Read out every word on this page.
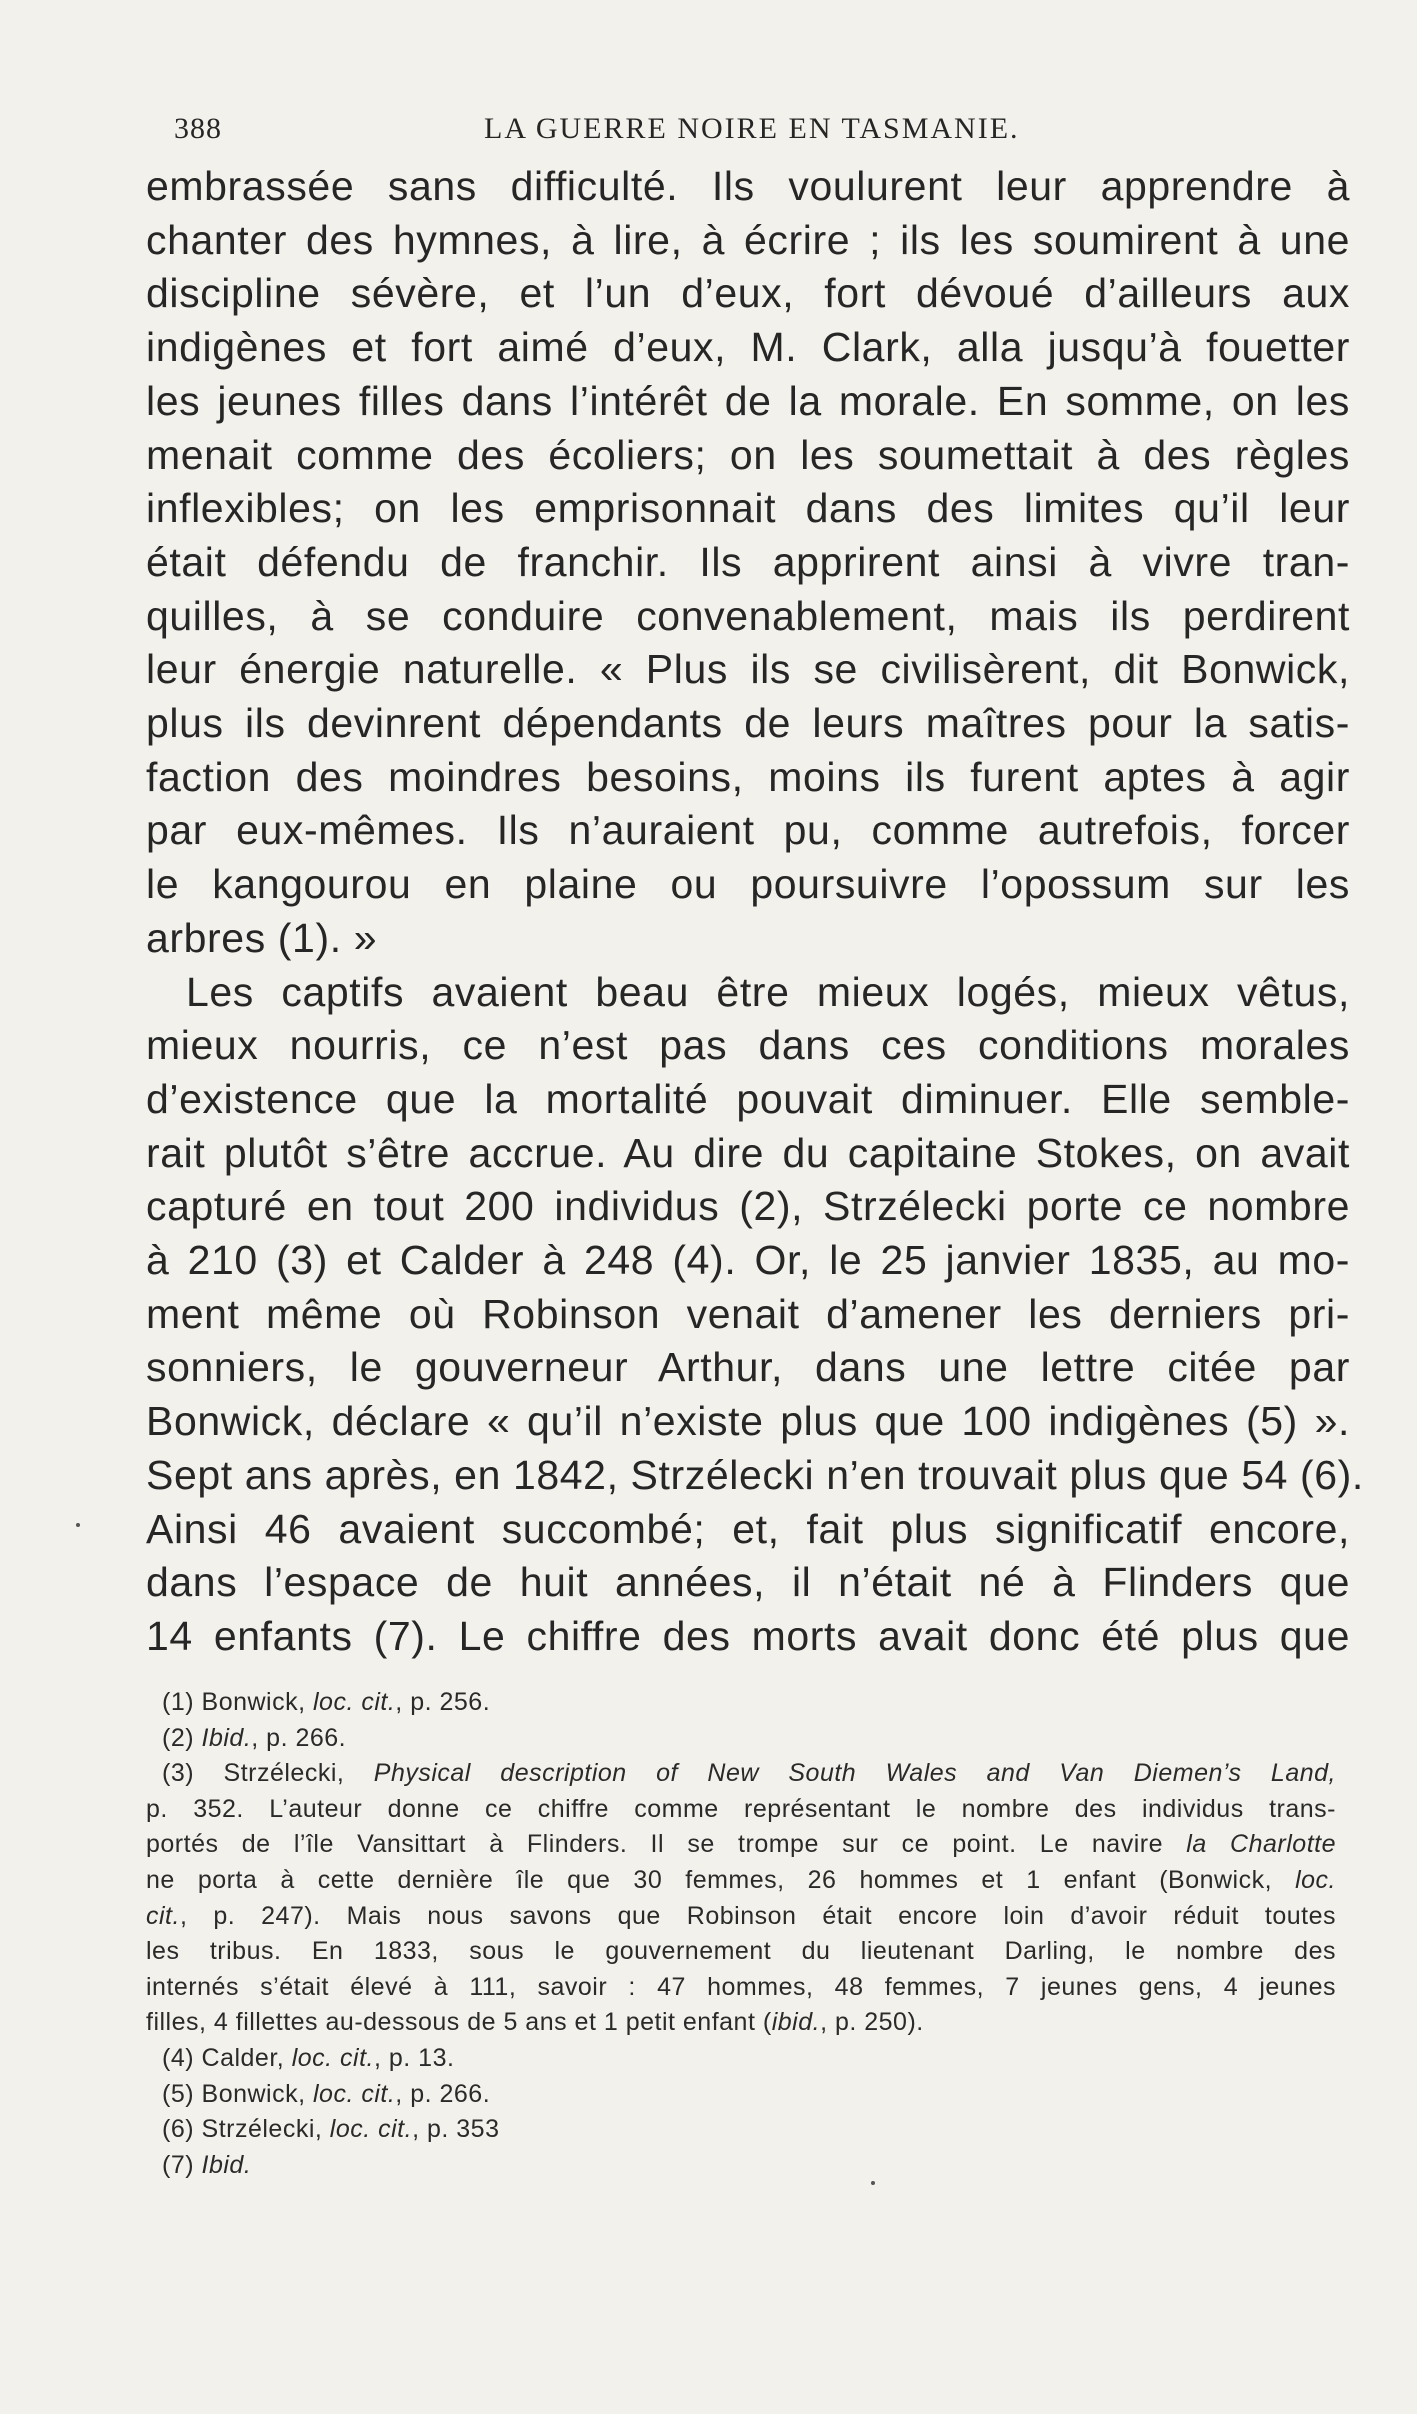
388	LA GUERRE NOIRE EN TASMANIE.
embrassée sans difficulté. Ils voulurent leur apprendre à
chanter des hymnes, à lire, à écrire ; ils les soumirent à une
discipline sévère, et l’un d’eux, fort dévoué d’ailleurs aux
indigènes et fort aimé d’eux, M. Clark, alla jusqu’à fouetter
les jeunes filles dans l’intérêt de la morale. En somme, on les
menait comme des écoliers; on les soumettait à des règles
inflexibles; on les emprisonnait dans des limites qu’il leur
était défendu de franchir. Ils apprirent ainsi à vivre tran-
quilles, à se conduire convenablement, mais ils perdirent
leur énergie naturelle. « Plus ils se civilisèrent, dit Bonwick,
plus ils devinrent dépendants de leurs maîtres pour la satis-
faction des moindres besoins, moins ils furent aptes à agir
par eux-mêmes. Ils n’auraient pu, comme autrefois, forcer
le kangourou en plaine ou poursuivre l’opossum sur les
arbres (1). »
Les captifs avaient beau être mieux logés, mieux vêtus,
mieux nourris, ce n’est pas dans ces conditions morales
d’existence que la mortalité pouvait diminuer. Elle semble-
rait plutôt s’être accrue. Au dire du capitaine Stokes, on avait
capturé en tout 200 individus (2), Strzélecki porte ce nombre
à 210 (3) et Calder à 248 (4). Or, le 25 janvier 1835, au mo-
ment même où Robinson venait d’amener les derniers pri-
sonniers, le gouverneur Arthur, dans une lettre citée par
Bonwick, déclare « qu’il n’existe plus que 100 indigènes (5) ».
Sept ans après, en 1842, Strzélecki n’en trouvait plus que 54 (6).
Ainsi 46 avaient succombé; et, fait plus significatif encore,
dans l’espace de huit années, il n’était né à Flinders que
14 enfants (7). Le chiffre des morts avait donc été plus que
(1) Bonwick, loc. cit., p. 256.
(2) Ibid., p. 266.
(3) Strzélecki, Physical description of New South Wales and Van Diemen’s Land,
p. 352. L’auteur donne ce chiffre comme représentant le nombre des individus trans-
portés de l’île Vansittart à Flinders. Il se trompe sur ce point. Le navire la Charlotte
ne porta à cette dernière île que 30 femmes, 26 hommes et 1 enfant (Bonwick, loc.
cit., p. 247). Mais nous savons que Robinson était encore loin d’avoir réduit toutes
les tribus. En 1833, sous le gouvernement du lieutenant Darling, le nombre des
internés s’était élevé à 111, savoir : 47 hommes, 48 femmes, 7 jeunes gens, 4 jeunes
filles, 4 fillettes au-dessous de 5 ans et 1 petit enfant (ibid., p. 250).
(4) Calder, loc. cit., p. 13.
(5) Bonwick, loc. cit., p. 266.
(6) Strzélecki, loc. cit., p. 353
(7) Ibid.
